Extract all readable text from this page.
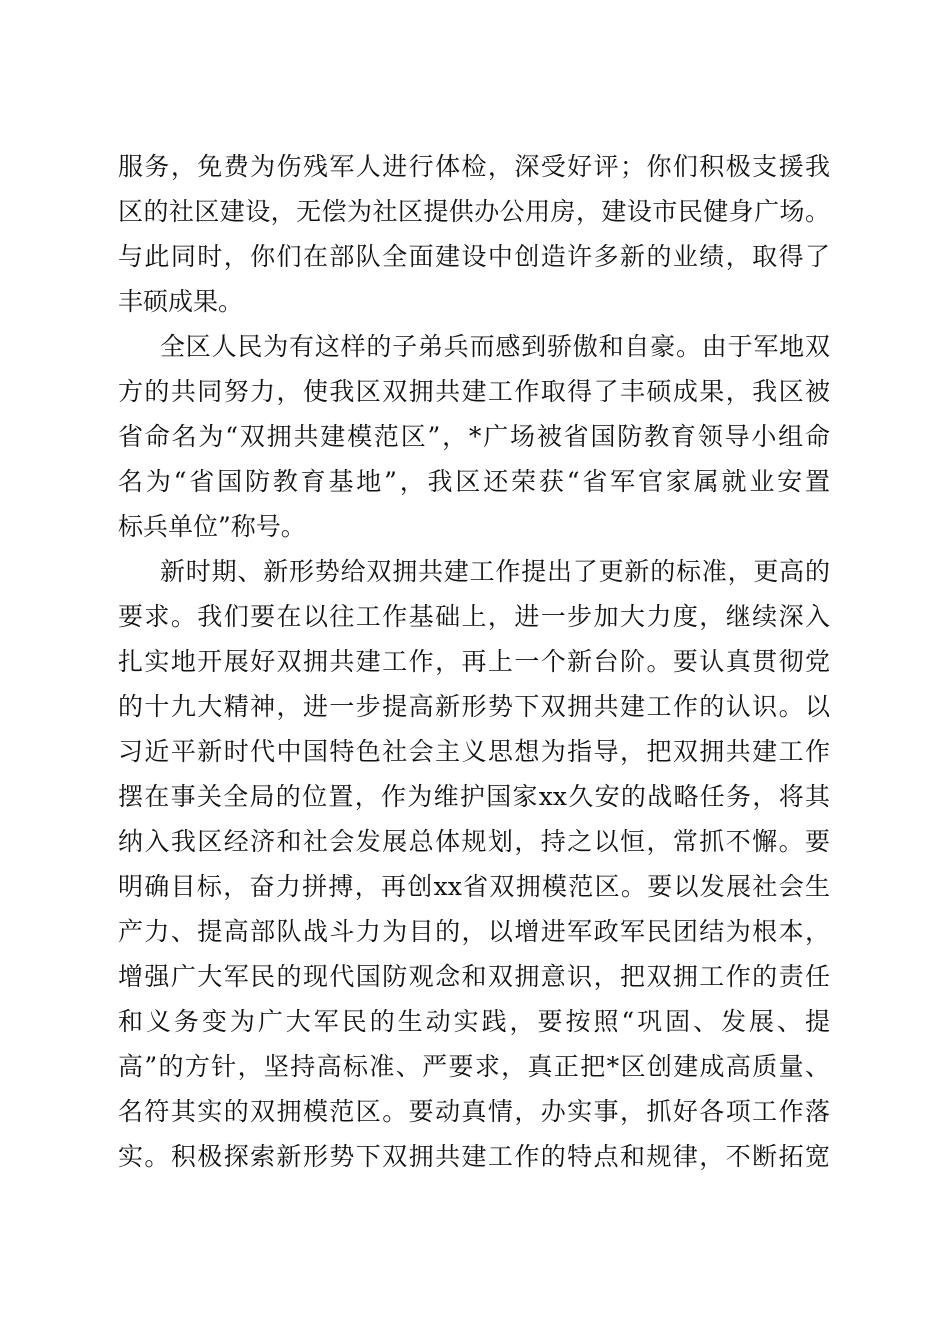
服务，免费为伤残军人进行体检，深受好评；你们积极支援我
区的社区建设，无偿为社区提供办公用房，建设市民健身广场。
与此同时，你们在部队全面建设中创造许多新的业绩，取得了
丰硕成果。
全区人民为有这样的子弟兵而感到骄傲和自豪。由于军地双
方的共同努力，使我区双拥共建工作取得了丰硕成果，我区被
省命名为“双拥共建模范区”，*广场被省国防教育领导小组命
名为“省国防教育基地”，我区还荣获“省军官家属就业安置
标兵单位”称号。
新时期、新形势给双拥共建工作提出了更新的标准，更高的
要求。我们要在以往工作基础上，进一步加大力度，继续深入
扎实地开展好双拥共建工作，再上一个新台阶。要认真贯彻党
的十九大精神，进一步提高新形势下双拥共建工作的认识。以
习近平新时代中国特色社会主义思想为指导，把双拥共建工作
摆在事关全局的位置，作为维护国家xx久安的战略任务，将其
纳入我区经济和社会发展总体规划，持之以恒，常抓不懈。要
明确目标，奋力拼搏，再创xx省双拥模范区。要以发展社会生
产力、提高部队战斗力为目的，以增进军政军民团结为根本，
增强广大军民的现代国防观念和双拥意识，把双拥工作的责任
和义务变为广大军民的生动实践，要按照“巩固、发展、提
高”的方针，坚持高标准、严要求，真正把*区创建成高质量、
名符其实的双拥模范区。要动真情，办实事，抓好各项工作落
实。积极探索新形势下双拥共建工作的特点和规律，不断拓宽
